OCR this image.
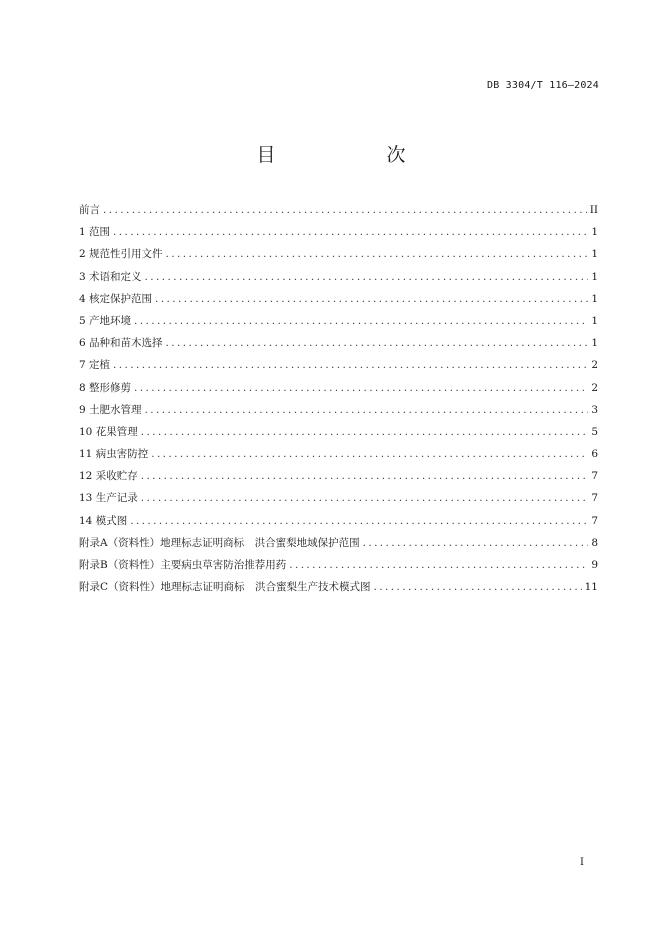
DB 3304/T 116—2024
目　次
前言 .....	II
1 范围 .....	1
2 规范性引用文件 .....	1
3 术语和定义 .....	1
4 核定保护范围 .....	1
5 产地环境 .....	1
6 品种和苗木选择 .....	1
7 定植 .....	2
8 整形修剪 .....	2
9 土肥水管理 .....	3
10 花果管理 .....	5
11 病虫害防控 .....	6
12 采收贮存 .....	7
13 生产记录 .....	7
14 模式图 .....	7
附录A（资料性）地理标志证明商标　洪合蜜梨地域保护范围 .....	8
附录B（资料性）主要病虫草害防治推荐用药 .....	9
附录C（资料性）地理标志证明商标　洪合蜜梨生产技术模式图 .....	11
I
